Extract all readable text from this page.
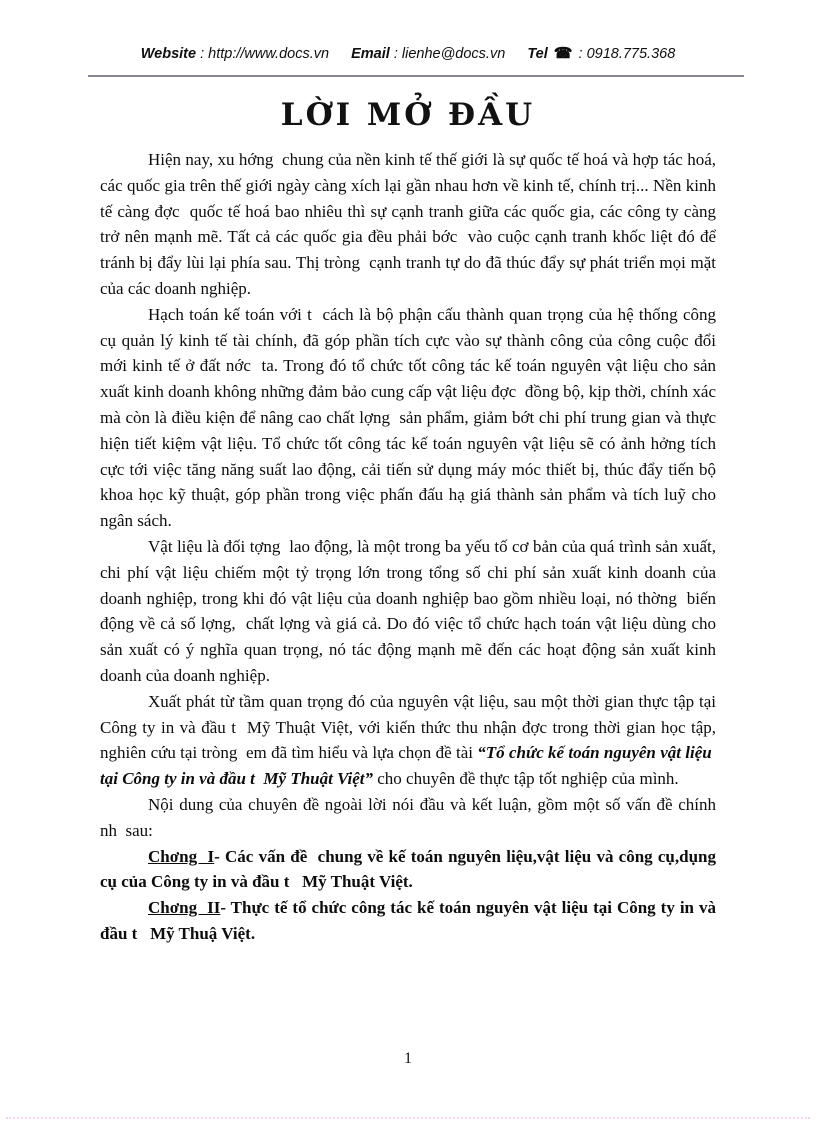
Website : http://www.docs.vn Email : lienhe@docs.vn Tel ☎ : 0918.775.368
LỜI MỞ ĐẦU

Hiện nay, xu hớng  chung của nền kinh tế thế giới là sự quốc tế hoá và hợp tác hoá, các quốc gia trên thế giới ngày càng xích lại gần nhau hơn về kinh tế, chính trị... Nền kinh tế càng đợc  quốc tế hoá bao nhiêu thì sự cạnh tranh giữa các quốc gia, các công ty càng trở nên mạnh mẽ. Tất cả các quốc gia đều phải bớc  vào cuộc cạnh tranh khốc liệt đó để tránh bị đẩy lùi lại phía sau. Thị tròng  cạnh tranh tự do đã thúc đẩy sự phát triển mọi mặt của các doanh nghiệp.

Hạch toán kế toán với t  cách là bộ phận cấu thành quan trọng của hệ thống công cụ quản lý kinh tế tài chính, đã góp phần tích cực vào sự thành công của công cuộc đổi mới kinh tế ở đất nớc  ta. Trong đó tổ chức tốt công tác kế toán nguyên vật liệu cho sản xuất kinh doanh không những đảm bảo cung cấp vật liệu đợc  đồng bộ, kịp thời, chính xác mà còn là điều kiện để nâng cao chất lợng  sản phẩm, giảm bớt chi phí trung gian và thực hiện tiết kiệm vật liệu. Tổ chức tốt công tác kế toán nguyên vật liệu sẽ có ảnh hởng tích cực tới việc tăng năng suất lao động, cải tiến sử dụng máy móc thiết bị, thúc đẩy tiến bộ khoa học kỹ thuật, góp phần trong việc phấn đấu hạ giá thành sản phẩm và tích luỹ cho ngân sách.

Vật liệu là đối tợng  lao động, là một trong ba yếu tố cơ bản của quá trình sản xuất, chi phí vật liệu chiếm một tỷ trọng lớn trong tổng số chi phí sản xuất kinh doanh của doanh nghiệp, trong khi đó vật liệu của doanh nghiệp bao gồm nhiều loại, nó thờng  biến động về cả số lợng,  chất lợng và giá cả. Do đó việc tổ chức hạch toán vật liệu dùng cho sản xuất có ý nghĩa quan trọng, nó tác động mạnh mẽ đến các hoạt động sản xuất kinh doanh của doanh nghiệp.

Xuất phát từ tầm quan trọng đó của nguyên vật liệu, sau một thời gian thực tập tại Công ty in và đầu t  Mỹ Thuật Việt, với kiến thức thu nhận đợc trong thời gian học tập, nghiên cứu tại tròng  em đã tìm hiểu và lựa chọn đề tài “Tổ chức kế toán nguyên vật liệu  tại Công ty in và đầu t  Mỹ Thuật Việt” cho chuyên đề thực tập tốt nghiệp của mình.

Nội dung của chuyên đề ngoài lời nói đầu và kết luận, gồm một số vấn đề chính nh  sau:

Chơng  I- Các vấn đề  chung về kế toán nguyên liệu,vật liệu và công cụ,dụng cụ của Công ty in và đầu t   Mỹ Thuật Việt.

Chơng  II- Thực tế tổ chức công tác kế toán nguyên vật liệu tại Công ty in và đầu t   Mỹ Thuậ Việt.

1
